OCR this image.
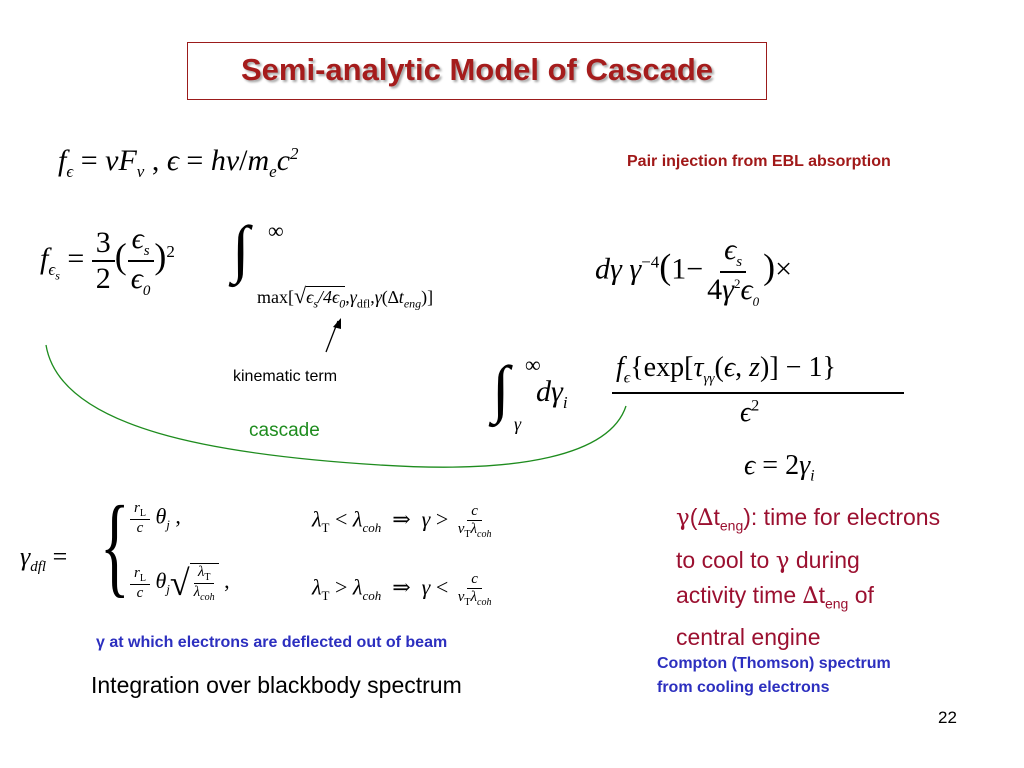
Semi-analytic Model of Cascade
$f_\epsilon = \nu F_\nu$ , $\epsilon = h\nu/m_ec^2$	Pair injection from EBL absorption
$f_{\epsilon_s} = \frac{3}{2}$ ( $\frac{\epsilon_s}{\epsilon_0} )^2$ ∫ ∞
$\max[√\epsilon_s/4\epsilon_0,\gamma_{dfl},\gamma(\Delta t_{eng})]$
dγ $\gamma^{-4}(1- \frac{\epsilon_s}{4\gamma^2\epsilon_0}$ )×
∫ ∞
γ
$d\gamma_i$
$f_\epsilon\{\exp[\tau_{\gamma\gamma}(\epsilon$, z)] − 1}
$\epsilon^2$
$\epsilon = 2\gamma_i$
kinematic term
cascade
$\gamma_{dfl}$ = { $\frac{r_L}{c} \theta_j$ ,	$\lambda_T < \lambda_{coh}$  ⇒  $\gamma > \frac{c}{\nu_T\lambda_{coh}}$
$\frac{r_L}{c} \theta_j√ \frac{\lambda_T}{\lambda_{coh}}$ ,	$\lambda_T > \lambda_{coh}$  ⇒  $\gamma < \frac{c}{\nu_T\lambda_{coh}}$
$\gamma(\Delta t_{eng})$: time for electrons
to cool to γ during
activity time $\Delta t_{eng}$ of
central engine
γ at which electrons are deflected out of beam
Compton (Thomson) spectrum
from cooling electrons
Integration over blackbody spectrum
22
